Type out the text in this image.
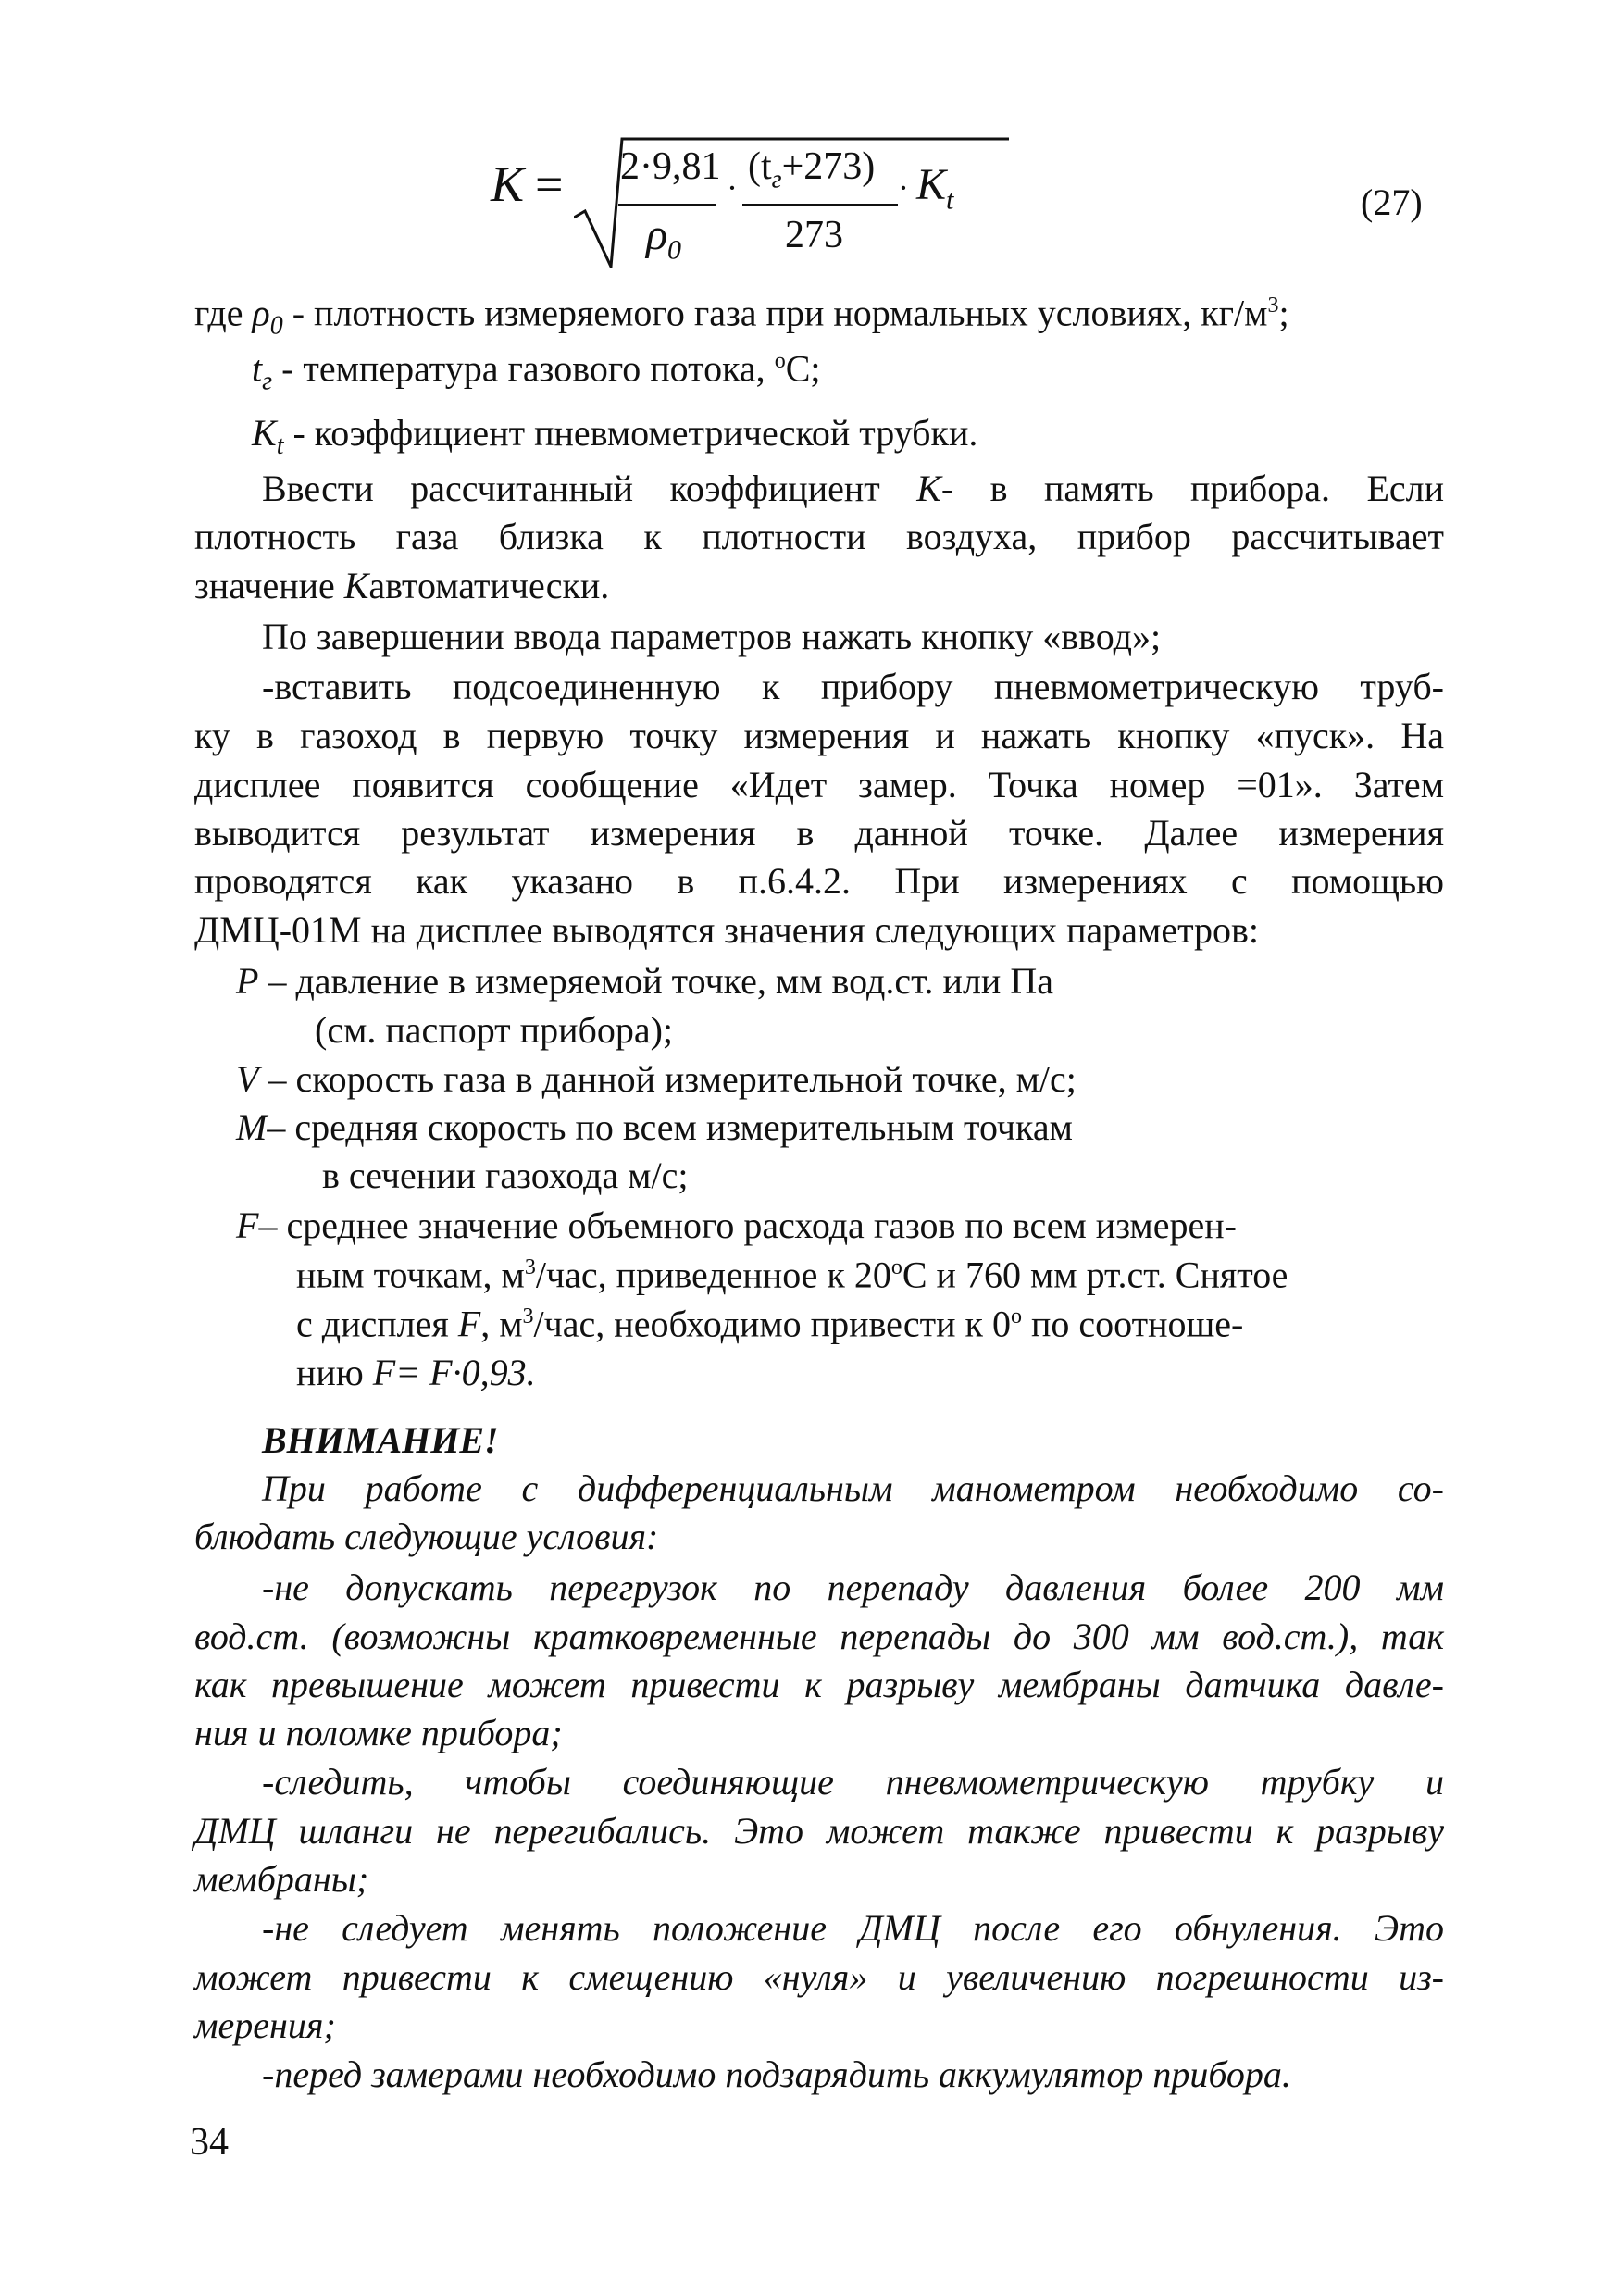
K = 2·9,81
$\rho_0$
· $(t_г+273)$
273
· $K_t$	(27)
где $\rho_0$ - плотность измеряемого газа при нормальных условиях, $кг/м^3$;
$t_г$ - температура газового потока, $^о$С;
$K_t$ - коэффициент пневмометрической трубки.
Ввести рассчитанный коэффициент К- в память прибора. Если
плотность газа близка к плотности воздуха, прибор рассчитывает
значение Кавтоматически.
По завершении ввода параметров нажать кнопку «ввод»;
-вставить подсоединенную к прибору пневмометрическую труб-
ку в газоход в первую точку измерения и нажать кнопку «пуск». На
дисплее появится сообщение «Идет замер. Точка номер =01». Затем
выводится результат измерения в данной точке. Далее измерения
проводятся как указано в п.6.4.2. При измерениях с помощью
ДМЦ-01М на дисплее выводятся значения следующих параметров:
Р – давление в измеряемой точке, мм вод.ст. или Па
(см. паспорт прибора);
V – скорость газа в данной измерительной точке, м/с;
М– средняя скорость по всем измерительным точкам
в сечении газохода м/с;
F– среднее значение объемного расхода газов по всем измерен-
ным точкам, $м^3$/час, приведенное к $20^оС$ и 760 мм рт.ст. Снятое
с дисплея F, $м^3$/час, необходимо привести к $0^о$ по соотноше-
нию F= F·0,93.
ВНИМАНИЕ!
При работе с дифференциальным манометром необходимо со-
блюдать следующие условия:
-не допускать перегрузок по перепаду давления более 200 мм
вод.ст. (возможны кратковременные перепады до 300 мм вод.ст.), так
как превышение может привести к разрыву мембраны датчика давле-
ния и поломке прибора;
-следить, чтобы соединяющие пневмометрическую трубку и
ДМЦ шланги не перегибались. Это может также привести к разрыву
мембраны;
-не следует менять положение ДМЦ после его обнуления. Это
может привести к смещению «нуля» и увеличению погрешности из-
мерения;
-перед замерами необходимо подзарядить аккумулятор прибора.
34
